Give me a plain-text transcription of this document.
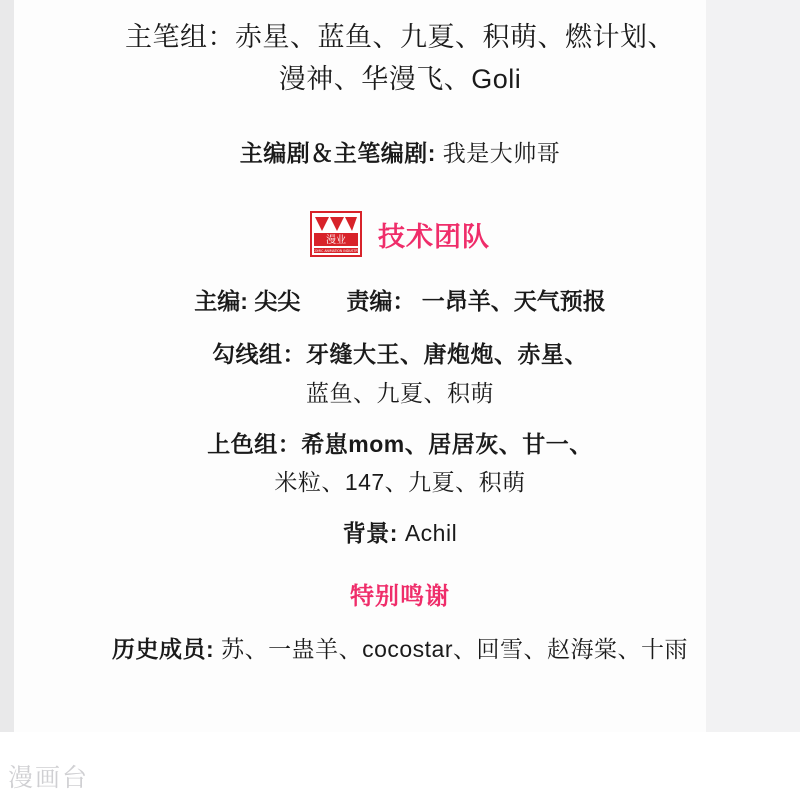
主笔组：赤星、蓝鱼、九夏、积萌、燃计划、
漫神、华漫飞、Goli
主编剧＆主笔编剧: 我是大帅哥
漫业
COMIC ANIMATION INDUSTRY 技术团队
主编: 尖尖 责编： 一昂羊、天气预报
勾线组：牙缝大王、唐炮炮、赤星、
蓝鱼、九夏、积萌
上色组：希崽mom、居居灰、甘一、
米粒、147、九夏、积萌
背景: Achil
特别鸣谢
历史成员: 苏、一蛊羊、cocostar、回雪、赵海棠、十雨
漫画台
